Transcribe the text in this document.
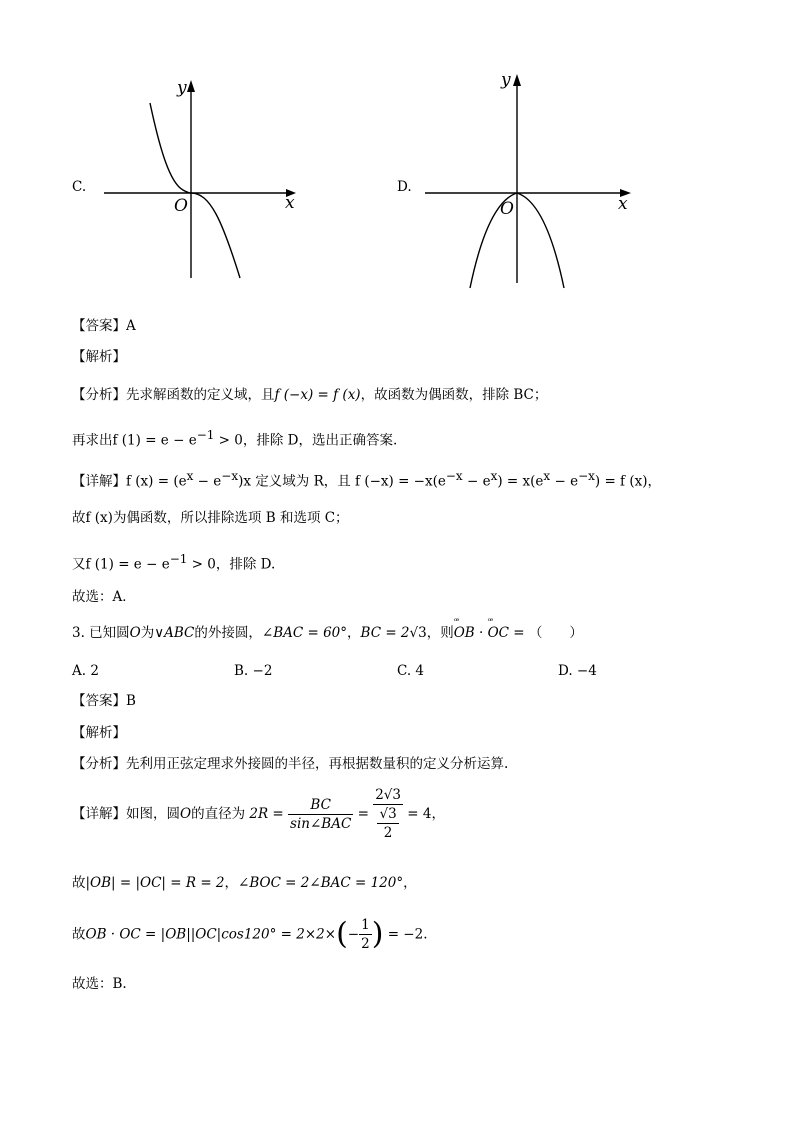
C.
y
x
O
D.
y
x
O
【答案】A
【解析】
【分析】先求解函数的定义域，且f (−x) = f (x)，故函数为偶函数，排除 BC；
再求出f $(1) = e - e^{-1} > 0$，排除 D，选出正确答案.
【详解】f $(x) = (e^x - e^{-x})x$ 定义域为 R，且 f $(-x) = -x(e^{-x} - e^x) = x(e^x - e^{-x}) = f$ (x)，
故f (x)为偶函数，所以排除选项 B 和选项 C；
又f $(1) = e - e^{-1} > 0$，排除 D.
故选：A．
3. 已知圆O为∨ABC的外接圆，∠BAC = 60°，BC = 2√3，则
ꟹ
OB ·
ꟹ
OC = （　　）
A. 2	B. −2	C. 4	D. −4
【答案】B
【解析】
【分析】先利用正弦定理求外接圆的半径，再根据数量积的定义分析运算.
【详解】如图，圆O的直径为 $2R = \frac{BC}{\text{sin∠BAC}} = \frac{2√3}{\frac{√3}{2}} = 4$，
故|OB| = |OC| = R = 2，∠BOC = 2∠BAC = 120°，
故OB · OC = $|OB||OC|\cos 120^\circ = 2\times 2\times(- \frac{1}{2}$ ) = −2.
故选：B.
